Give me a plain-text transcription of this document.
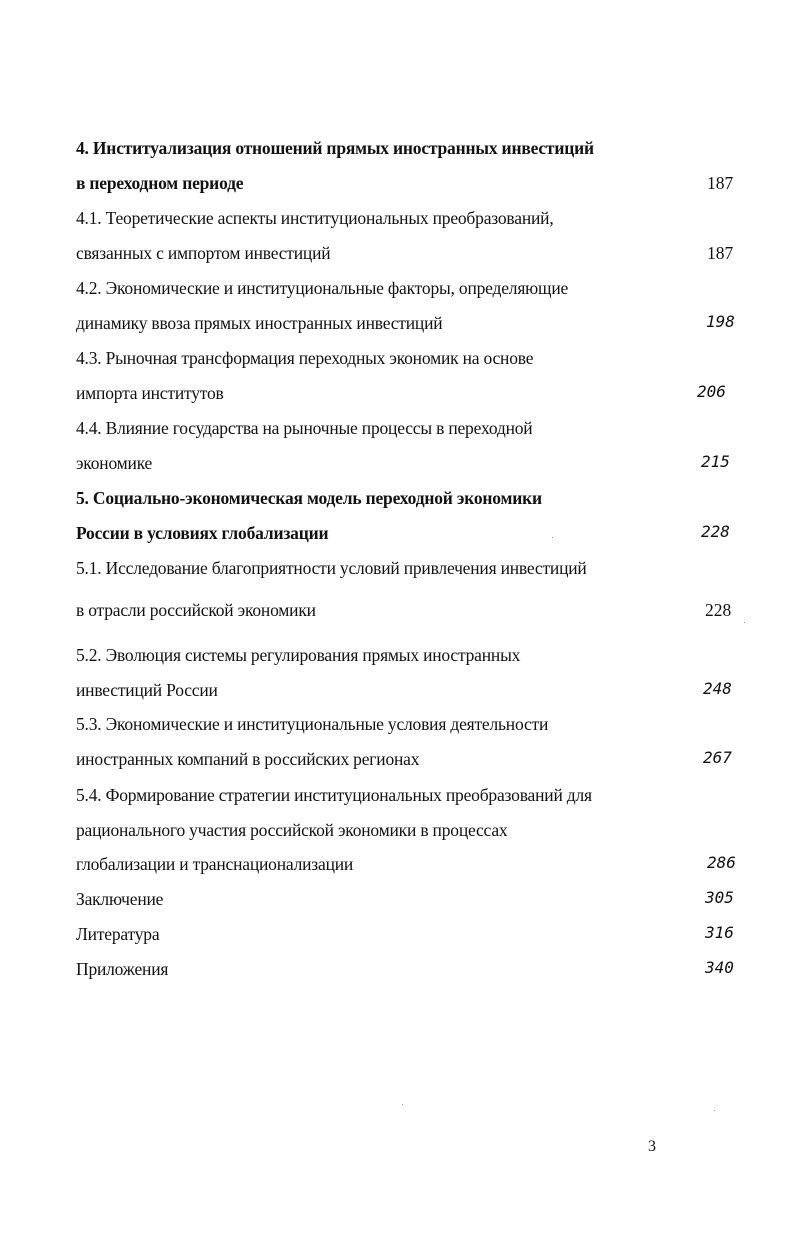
4. Институализация отношений прямых иностранных инвестиций
в переходном периоде	187
4.1. Теоретические аспекты институциональных преобразований,
связанных с импортом инвестиций	187
4.2. Экономические и институциональные факторы, определяющие
динамику ввоза прямых иностранных инвестиций	198
4.3. Рыночная трансформация переходных экономик на основе
импорта институтов	206
4.4. Влияние государства на рыночные процессы в переходной
экономике	215
5. Социально-экономическая модель переходной экономики
России в условиях глобализации	228
5.1. Исследование благоприятности условий привлечения инвестиций
в отрасли российской экономики	228
5.2. Эволюция системы регулирования прямых иностранных
инвестиций России	248
5.3. Экономические и институциональные условия деятельности
иностранных компаний в российских регионах	267
5.4. Формирование стратегии институциональных преобразований для
рационального участия российской экономики в процессах
глобализации и транснационализации	286
Заключение	305
Литература	316
Приложения	340
3
